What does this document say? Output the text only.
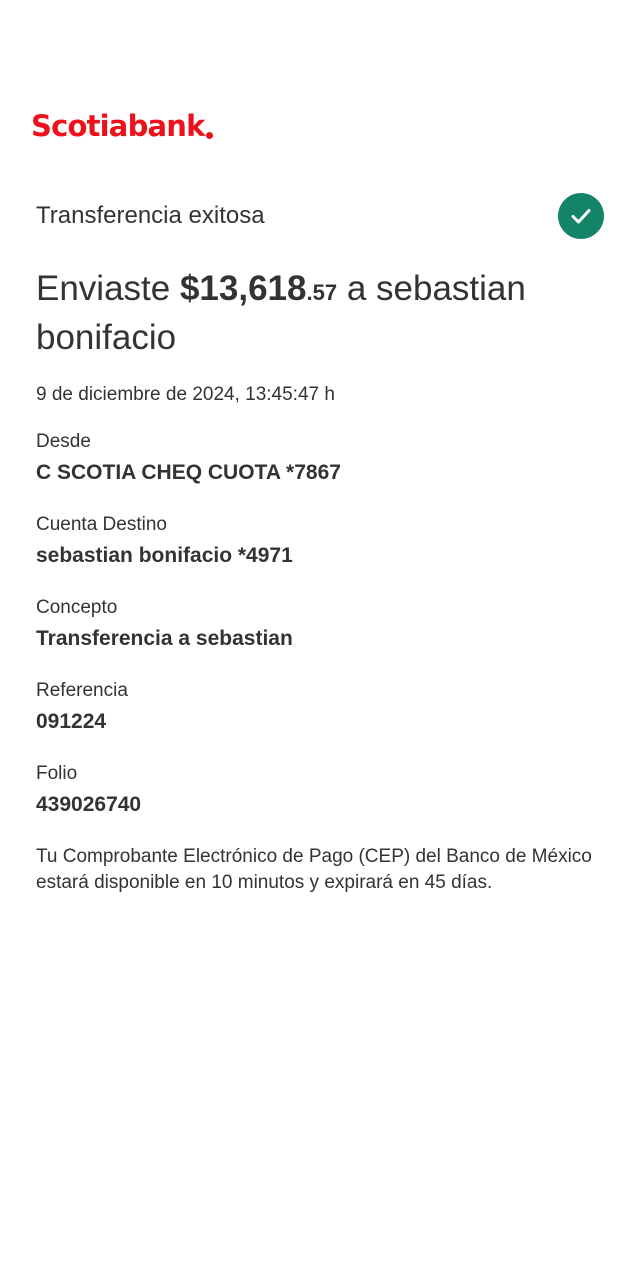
Scotiabank
Transferencia exitosa
Enviaste $13,618.57 a sebastian bonifacio
9 de diciembre de 2024, 13:45:47 h
Desde
C SCOTIA CHEQ CUOTA *7867
Cuenta Destino
sebastian bonifacio *4971
Concepto
Transferencia a sebastian
Referencia
091224
Folio
439026740
Tu Comprobante Electrónico de Pago (CEP) del Banco de México estará disponible en 10 minutos y expirará en 45 días.
